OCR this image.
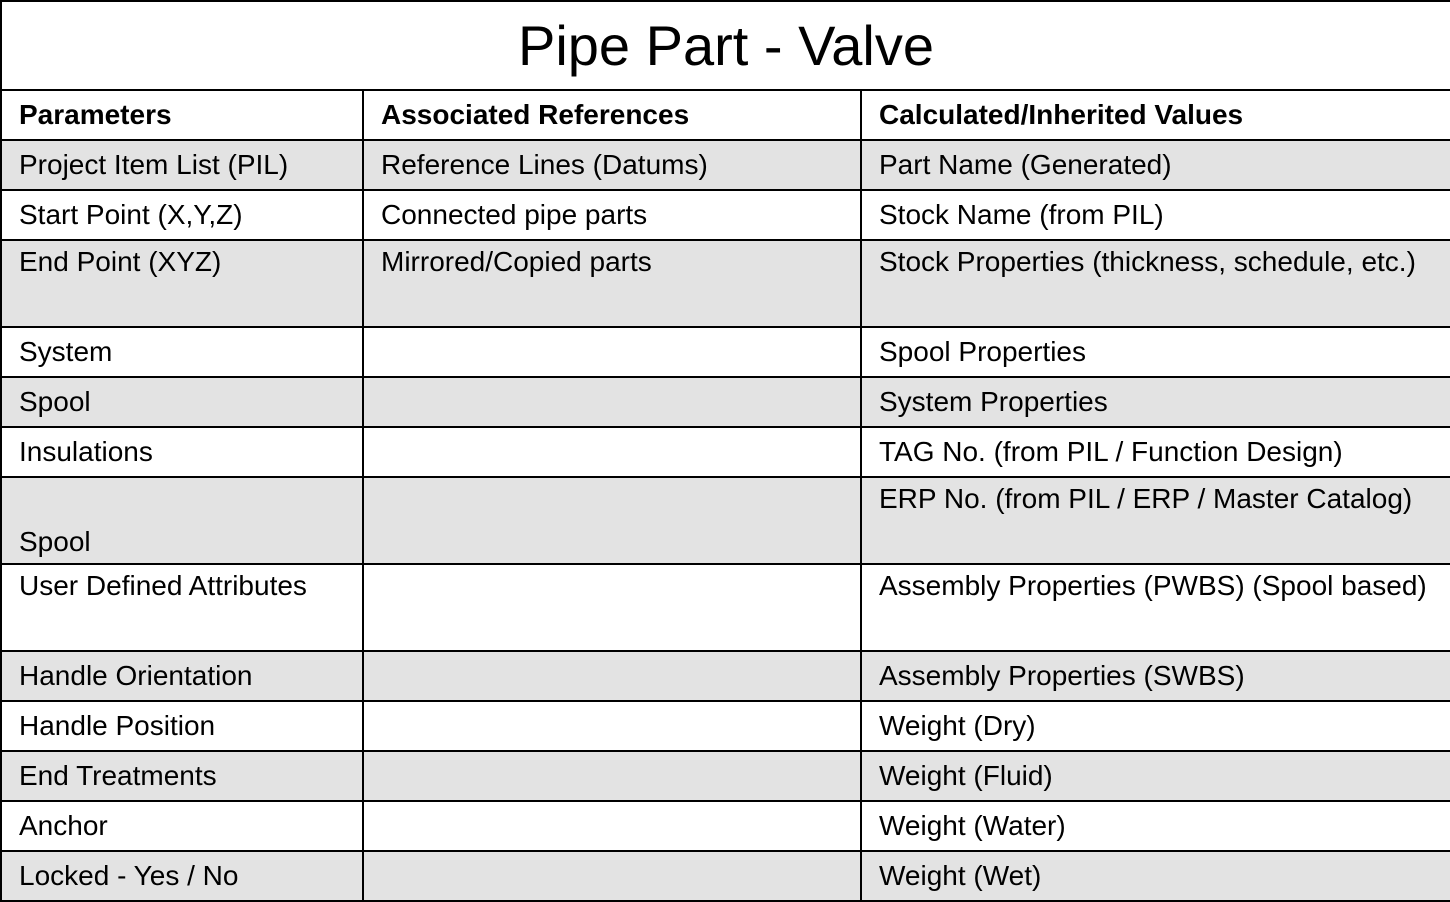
Pipe Part - Valve		
Parameters	Associated References	Calculated/Inherited Values
Project Item List (PIL)	Reference Lines (Datums)	Part Name (Generated)
Start Point (X,Y,Z)	Connected pipe parts	Stock Name (from PIL)
End Point (XYZ)	Mirrored/Copied parts	Stock Properties (thickness, schedule, etc.)
System		Spool Properties
Spool		System Properties
Insulations		TAG No. (from PIL / Function Design)
Spool		ERP No. (from PIL / ERP / Master Catalog)
User Defined Attributes		Assembly Properties (PWBS) (Spool based)
Handle Orientation		Assembly Properties (SWBS)
Handle Position		Weight (Dry)
End Treatments		Weight (Fluid)
Anchor		Weight (Water)
Locked - Yes / No		Weight (Wet)
